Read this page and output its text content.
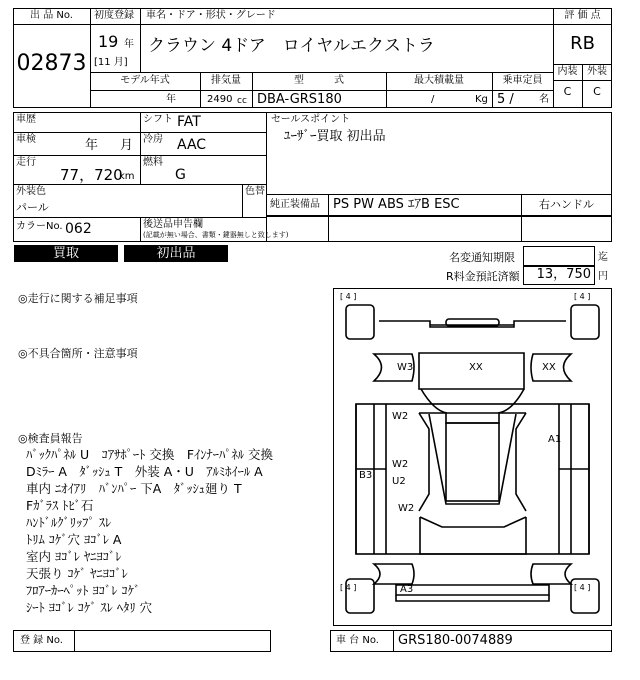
出 品 No.
02873
初度登録
19 年
[11 月]
車名・ドア・形状・グレード
クラウン 4ドア　ロイヤルエクストラ
評 価 点
RB
内装 外装
C	C
モデル年式
年
排気量
2490 cc
型　　　式
DBA-GRS180
最大積載量
/	Kg
乗車定員
5 /	名
車歴	シフト FAT
車検	年 月 冷房 AAC
走行
77，720
km
燃料
G
外装色
パール
色替
カラーNo. 062	後送品申告欄
(記載が無い場合、書類・鍵器無しと致します)
セールスポイント
ﾕｰｻﾞｰ買取 初出品
純正装備品 PS PW ABS ｴｱB ESC	右ハンドル
買取	初出品	名変通知期限	迄
R料金預託済額	13，750 円
◎走行に関する補足事項
◎不具合箇所・注意事項
◎検査員報告
ﾊﾞｯｸﾊﾟﾈﾙ U　ｺｱｻﾎﾟｰﾄ 交換　Fｲﾝﾅｰﾊﾟﾈﾙ 交換
Dﾐﾗｰ A　ﾀﾞｯｼｭ T　外装 A・U　ｱﾙﾐﾎｲｰﾙ A
車内 ﾆｵｲｱﾘ　ﾊﾞﾝﾊﾟｰ 下A　ﾀﾞｯｼｭ廻り T
Fｶﾞﾗｽ ﾄﾋﾞ石
ﾊﾝﾄﾞﾙｸﾞﾘｯﾌﾟ ｽﾚ
ﾄﾘﾑ ｺｹﾞ穴 ﾖｺﾞﾚ A
室内 ﾖｺﾞﾚ ﾔﾆﾖｺﾞﾚ
天張り ｺｹﾞ ﾔﾆﾖｺﾞﾚ
ﾌﾛｱｰｶｰﾍﾟｯﾄ ﾖｺﾞﾚ ｺｹﾞ
ｼｰﾄ ﾖｺﾞﾚ ｺｹﾞ ｽﾚ ﾍﾀﾘ 穴
[ 4 ]	[ 4 ]
[ 4 ]	[ 4 ]
W3	XX	XX
W2
A1
W2
U2
B3
W2
A3
登 録 No.	車 台 No. GRS180-0074889
